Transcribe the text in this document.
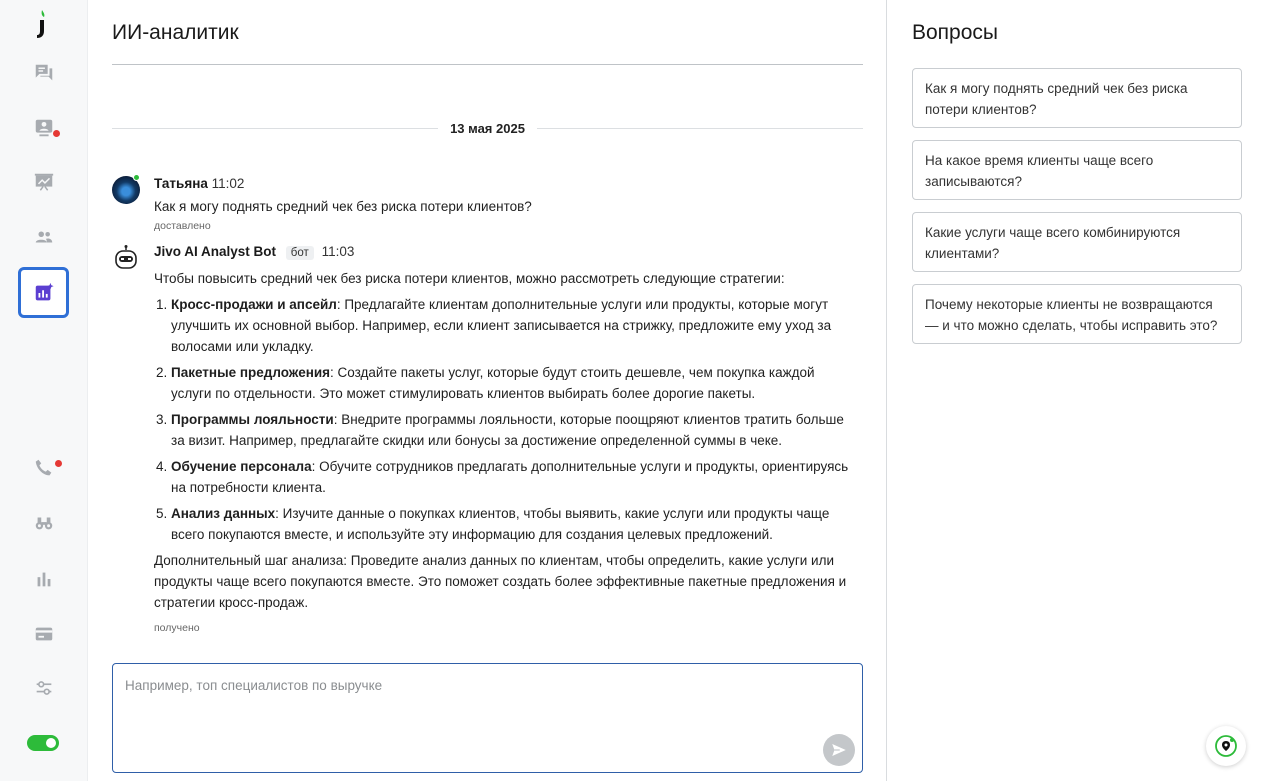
ИИ-аналитик
13 мая 2025
Татьяна 11:02
Как я могу поднять средний чек без риска потери клиентов?
доставлено
Jivo AI Analyst Bot бот 11:03
Чтобы повысить средний чек без риска потери клиентов, можно рассмотреть следующие стратегии:
1. Кросс-продажи и апсейл: Предлагайте клиентам дополнительные услуги или продукты, которые могут улучшить их основной выбор. Например, если клиент записывается на стрижку, предложите ему уход за волосами или укладку.
2. Пакетные предложения: Создайте пакеты услуг, которые будут стоить дешевле, чем покупка каждой услуги по отдельности. Это может стимулировать клиентов выбирать более дорогие пакеты.
3. Программы лояльности: Внедрите программы лояльности, которые поощряют клиентов тратить больше за визит. Например, предлагайте скидки или бонусы за достижение определенной суммы в чеке.
4. Обучение персонала: Обучите сотрудников предлагать дополнительные услуги и продукты, ориентируясь на потребности клиента.
5. Анализ данных: Изучите данные о покупках клиентов, чтобы выявить, какие услуги или продукты чаще всего покупаются вместе, и используйте эту информацию для создания целевых предложений.
Дополнительный шаг анализа: Проведите анализ данных по клиентам, чтобы определить, какие услуги или продукты чаще всего покупаются вместе. Это поможет создать более эффективные пакетные предложения и стратегии кросс-продаж.
получено
Например, топ специалистов по выручке
Вопросы
Как я могу поднять средний чек без риска потери клиентов?
На какое время клиенты чаще всего записываются?
Какие услуги чаще всего комбинируются клиентами?
Почему некоторые клиенты не возвращаются — и что можно сделать, чтобы исправить это?
